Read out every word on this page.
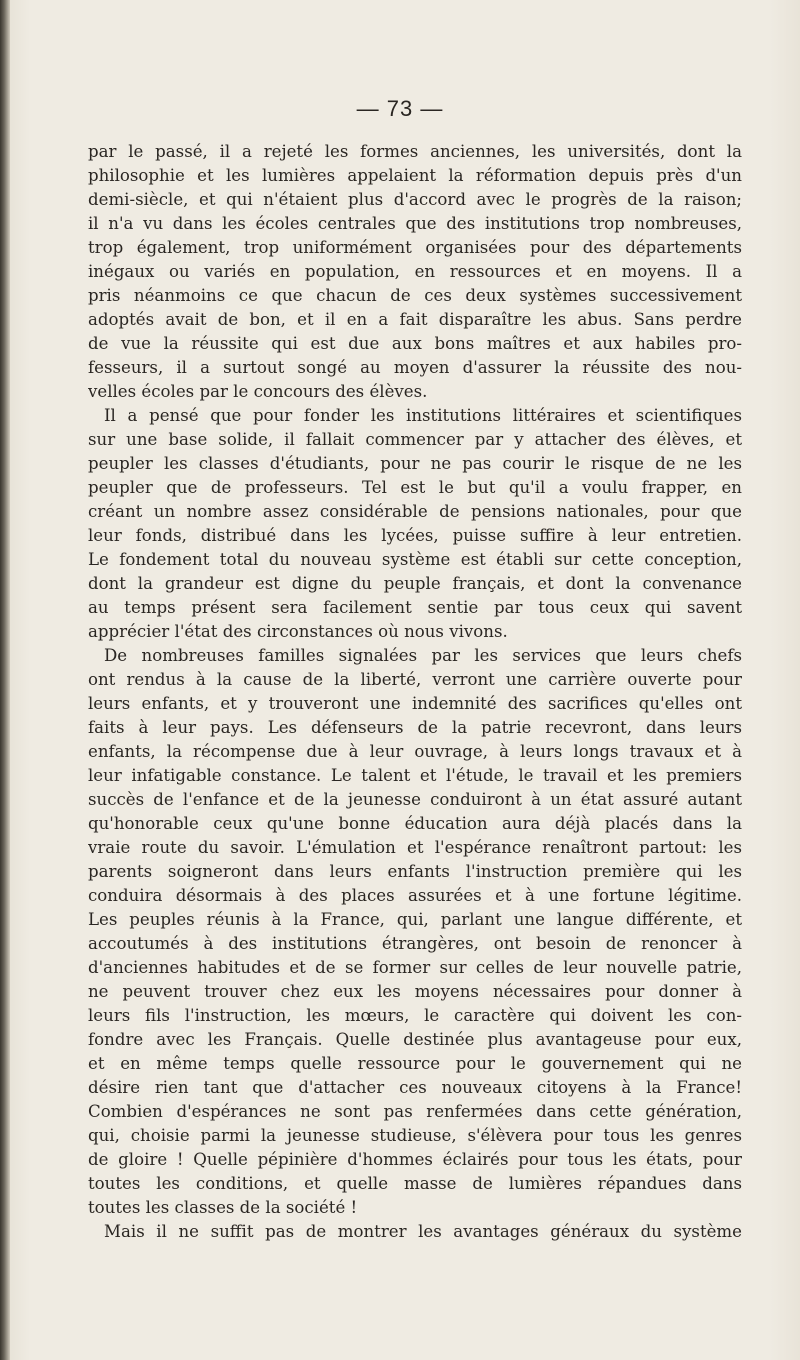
— 73 —
par le passé, il a rejeté les formes anciennes, les universités, dont la
philosophie et les lumières appelaient la réformation depuis près d'un
demi-siècle, et qui n'étaient plus d'accord avec le progrès de la raison;
il n'a vu dans les écoles centrales que des institutions trop nombreuses,
trop également, trop uniformément organisées pour des départements
inégaux ou variés en population, en ressources et en moyens. Il a
pris néanmoins ce que chacun de ces deux systèmes successivement
adoptés avait de bon, et il en a fait disparaître les abus. Sans perdre
de vue la réussite qui est due aux bons maîtres et aux habiles pro-
fesseurs, il a surtout songé au moyen d'assurer la réussite des nou-
velles écoles par le concours des élèves.
Il a pensé que pour fonder les institutions littéraires et scientifiques
sur une base solide, il fallait commencer par y attacher des élèves, et
peupler les classes d'étudiants, pour ne pas courir le risque de ne les
peupler que de professeurs. Tel est le but qu'il a voulu frapper, en
créant un nombre assez considérable de pensions nationales, pour que
leur fonds, distribué dans les lycées, puisse suffire à leur entretien.
Le fondement total du nouveau système est établi sur cette conception,
dont la grandeur est digne du peuple français, et dont la convenance
au temps présent sera facilement sentie par tous ceux qui savent
apprécier l'état des circonstances où nous vivons.
De nombreuses familles signalées par les services que leurs chefs
ont rendus à la cause de la liberté, verront une carrière ouverte pour
leurs enfants, et y trouveront une indemnité des sacrifices qu'elles ont
faits à leur pays. Les défenseurs de la patrie recevront, dans leurs
enfants, la récompense due à leur ouvrage, à leurs longs travaux et à
leur infatigable constance. Le talent et l'étude, le travail et les premiers
succès de l'enfance et de la jeunesse conduiront à un état assuré autant
qu'honorable ceux qu'une bonne éducation aura déjà placés dans la
vraie route du savoir. L'émulation et l'espérance renaîtront partout: les
parents soigneront dans leurs enfants l'instruction première qui les
conduira désormais à des places assurées et à une fortune légitime.
Les peuples réunis à la France, qui, parlant une langue différente, et
accoutumés à des institutions étrangères, ont besoin de renoncer à
d'anciennes habitudes et de se former sur celles de leur nouvelle patrie,
ne peuvent trouver chez eux les moyens nécessaires pour donner à
leurs fils l'instruction, les mœurs, le caractère qui doivent les con-
fondre avec les Français. Quelle destinée plus avantageuse pour eux,
et en même temps quelle ressource pour le gouvernement qui ne
désire rien tant que d'attacher ces nouveaux citoyens à la France!
Combien d'espérances ne sont pas renfermées dans cette génération,
qui, choisie parmi la jeunesse studieuse, s'élèvera pour tous les genres
de gloire ! Quelle pépinière d'hommes éclairés pour tous les états, pour
toutes les conditions, et quelle masse de lumières répandues dans
toutes les classes de la société !
Mais il ne suffit pas de montrer les avantages généraux du système
